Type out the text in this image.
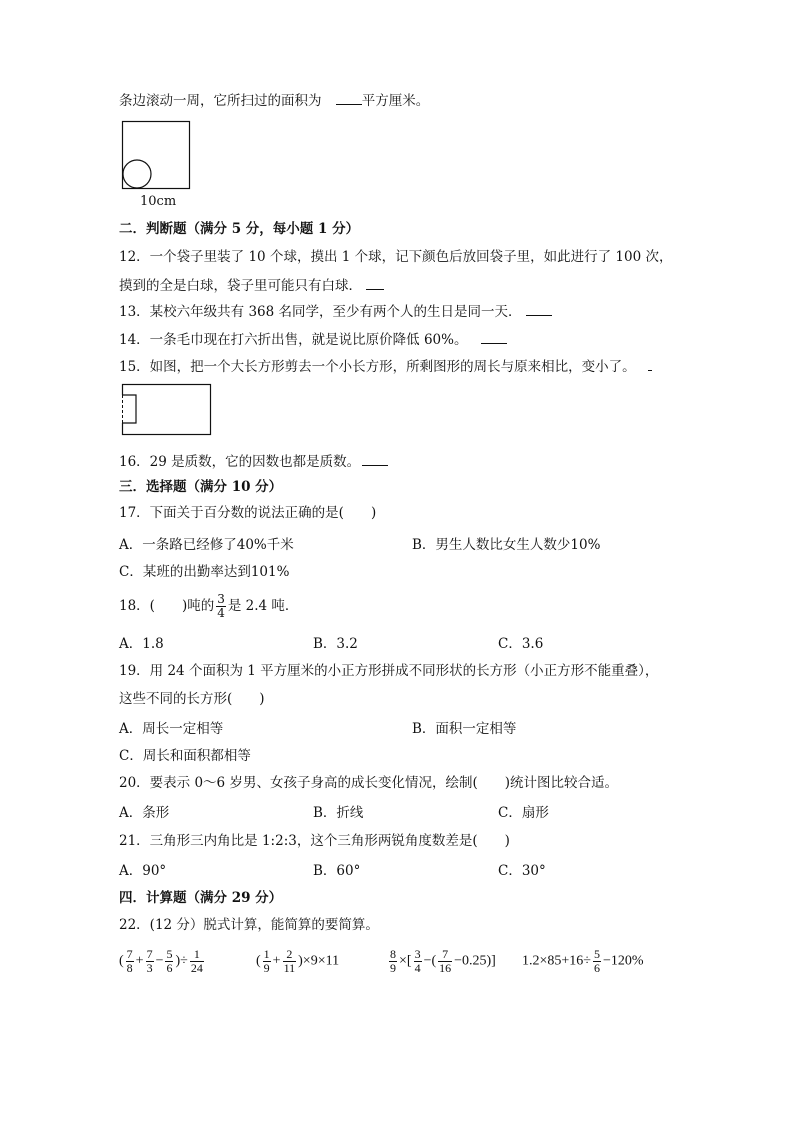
条边滚动一周，它所扫过的面积为	平方厘米。
10cm
二．判断题（满分 5 分，每小题 1 分）
12．一个袋子里装了 10 个球，摸出 1 个球，记下颜色后放回袋子里，如此进行了 100 次，
摸到的全是白球，袋子里可能只有白球．
13．某校六年级共有 368 名同学，至少有两个人的生日是同一天．
14．一条毛巾现在打六折出售，就是说比原价降低 60%。
15．如图，把一个大长方形剪去一个小长方形，所剩图形的周长与原来相比，变小了。
16．29 是质数，它的因数也都是质数。
三．选择题（满分 10 分）
17．下面关于百分数的说法正确的是(　　)
A．一条路已经修了40%千米	B．男生人数比女生人数少10%
C．某班的出勤率达到101%
18．(　　)吨的 $\frac{3}{4}$ 是 2.4 吨．
A．1.8	B．3.2	C．3.6
19．用 24 个面积为 1 平方厘米的小正方形拼成不同形状的长方形（小正方形不能重叠），
这些不同的长方形(　　)
A．周长一定相等	B．面积一定相等
C．周长和面积都相等
20．要表示 0～6 岁男、女孩子身高的成长变化情况，绘制(　　)统计图比较合适。
A．条形	B．折线	C．扇形
21．三角形三内角比是 1:2:3，这个三角形两锐角度数差是(　　)
A．90°	B．60°	C．30°
四．计算题（满分 29 分）
22．(12 分）脱式计算，能简算的要简算。
( $\frac{7}{8} + \frac{7}{3} - \frac{5}{6}$ )÷ $\frac{1}{24}$	( $\frac{1}{9} + \frac{2}{11} )\times 9\times 11$	$\frac{8}{9}$ ×[ $\frac{3}{4}$ −( $\frac{7}{16} -0.25$)] $1.2\times 85+16\div \frac{5}{6} -120\%$
